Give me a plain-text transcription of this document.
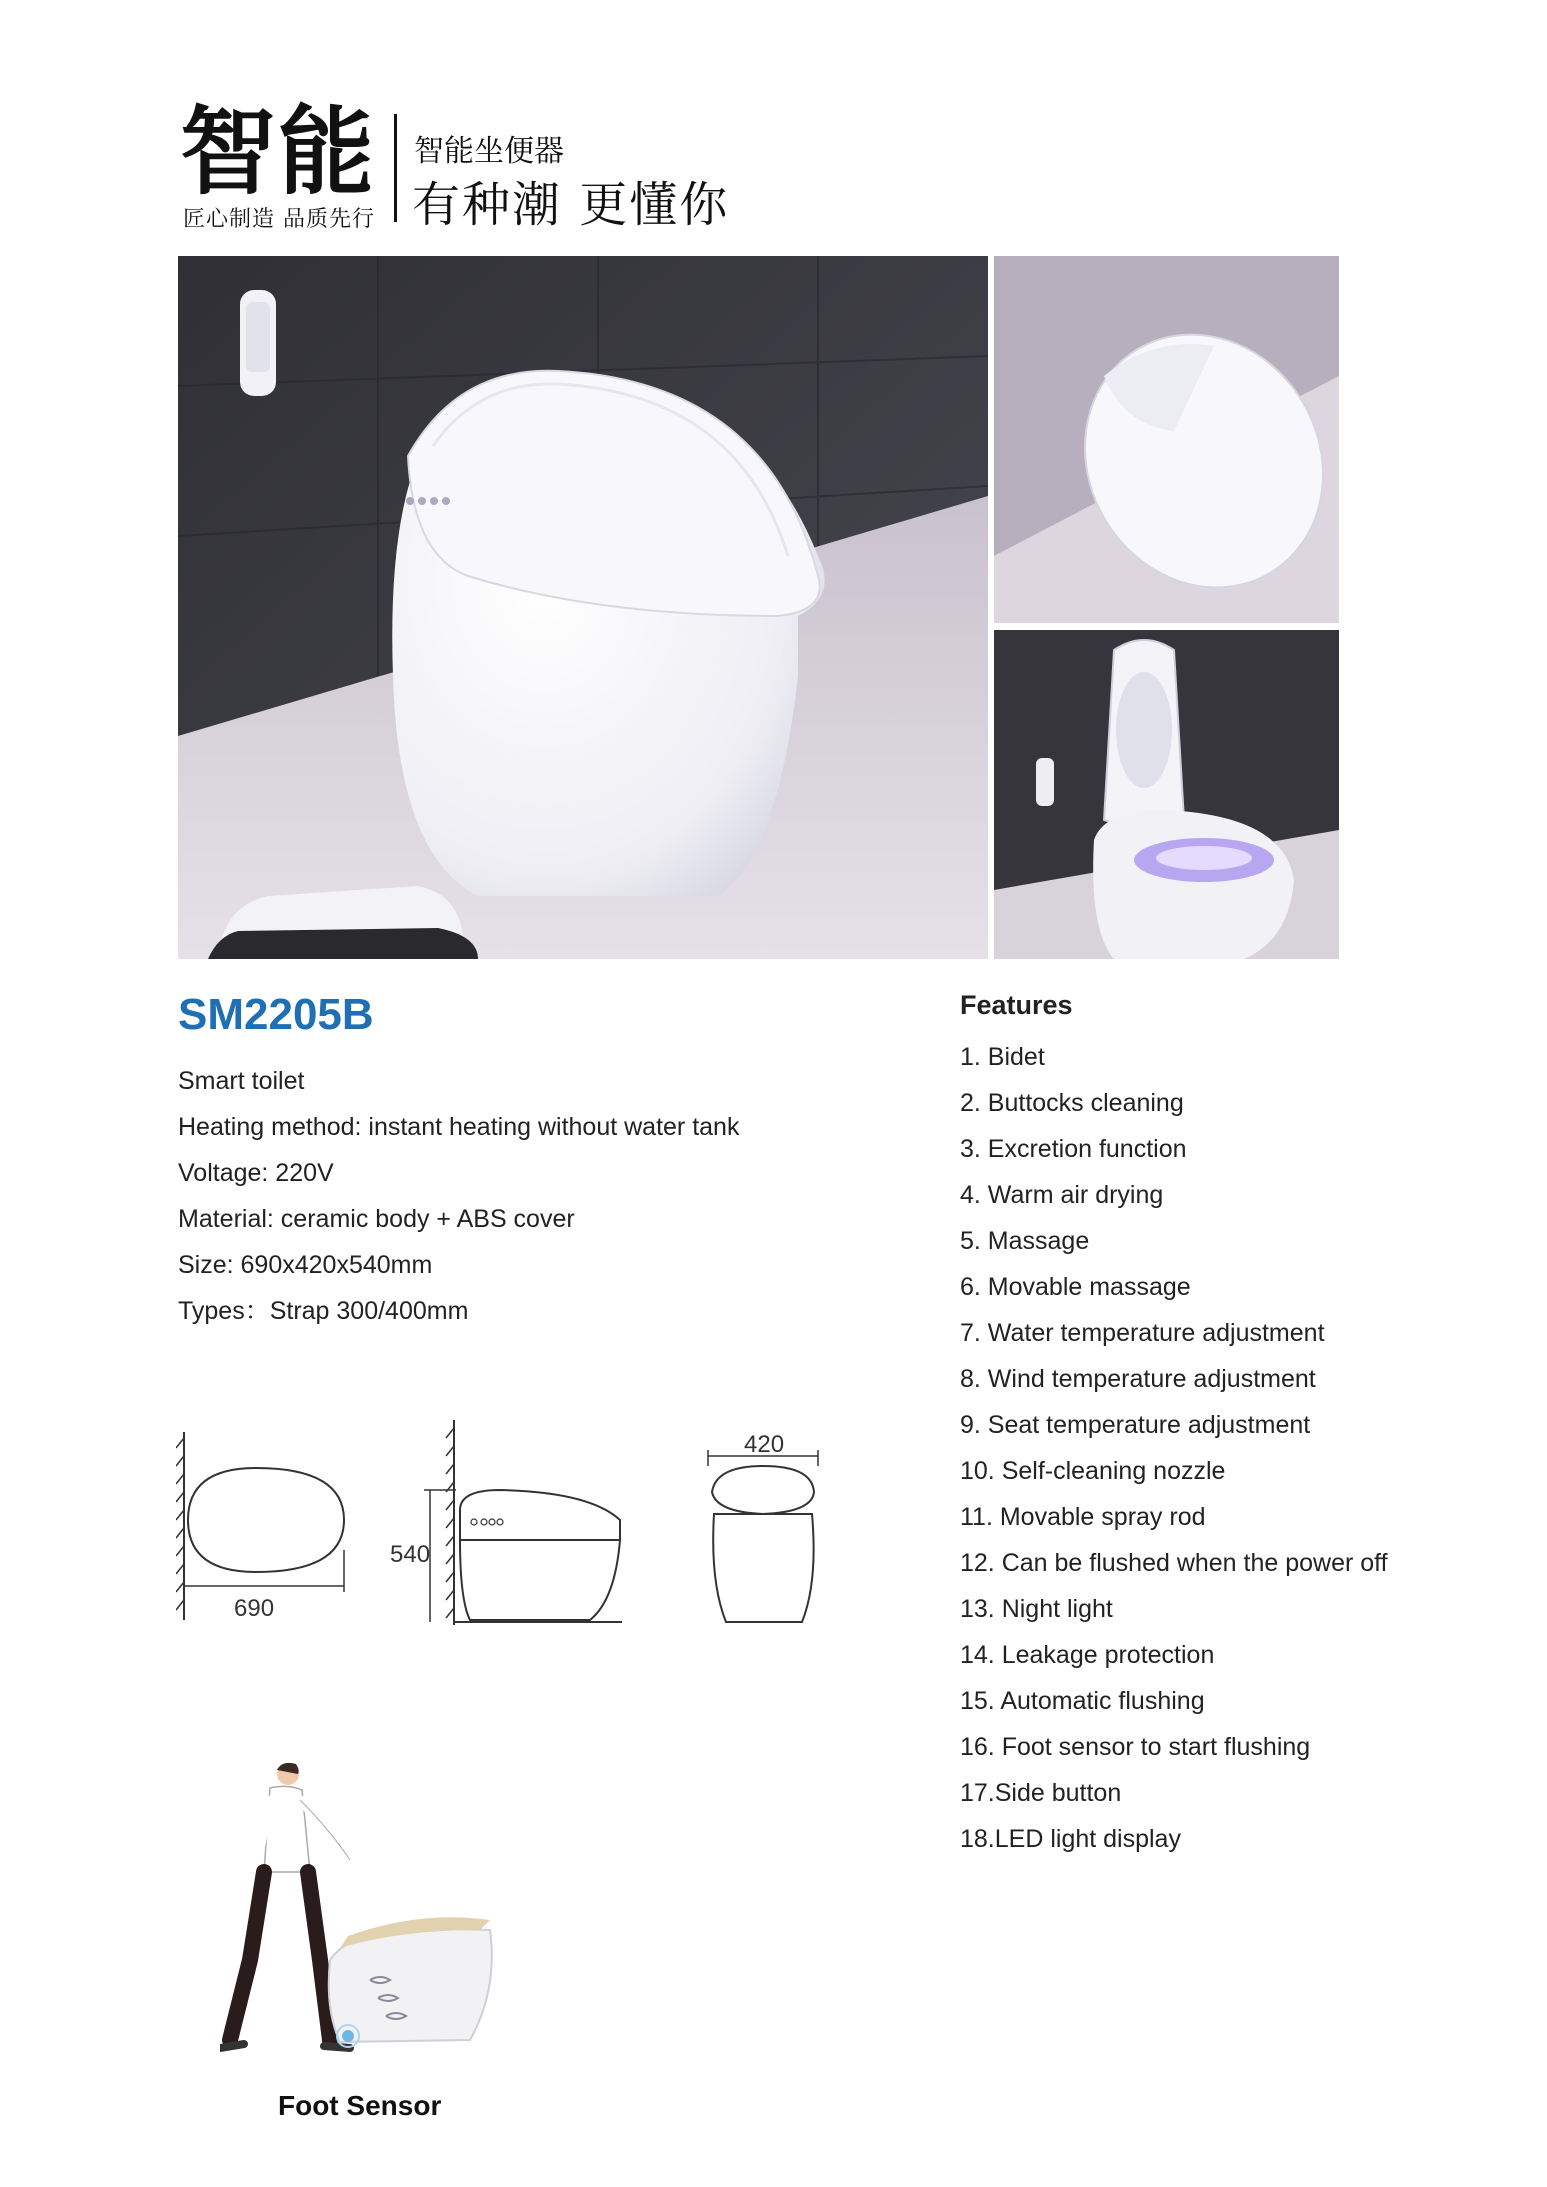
智能
匠心制造 品质先行
智能坐便器
有种潮 更懂你
SM2205B
Smart toilet
Heating method: instant heating without water tank
Voltage: 220V
Material: ceramic body + ABS cover
Size: 690x420x540mm
Types：Strap 300/400mm
Features
1. Bidet
2. Buttocks cleaning
3. Excretion function
4. Warm air drying
5. Massage
6. Movable massage
7. Water temperature adjustment
8. Wind temperature adjustment
9. Seat temperature adjustment
10. Self-cleaning nozzle
11. Movable spray rod
12. Can be flushed when the power off
13. Night light
14. Leakage protection
15. Automatic flushing
16. Foot sensor to start flushing
17.Side button
18.LED light display
690
540
420
Foot Sensor
